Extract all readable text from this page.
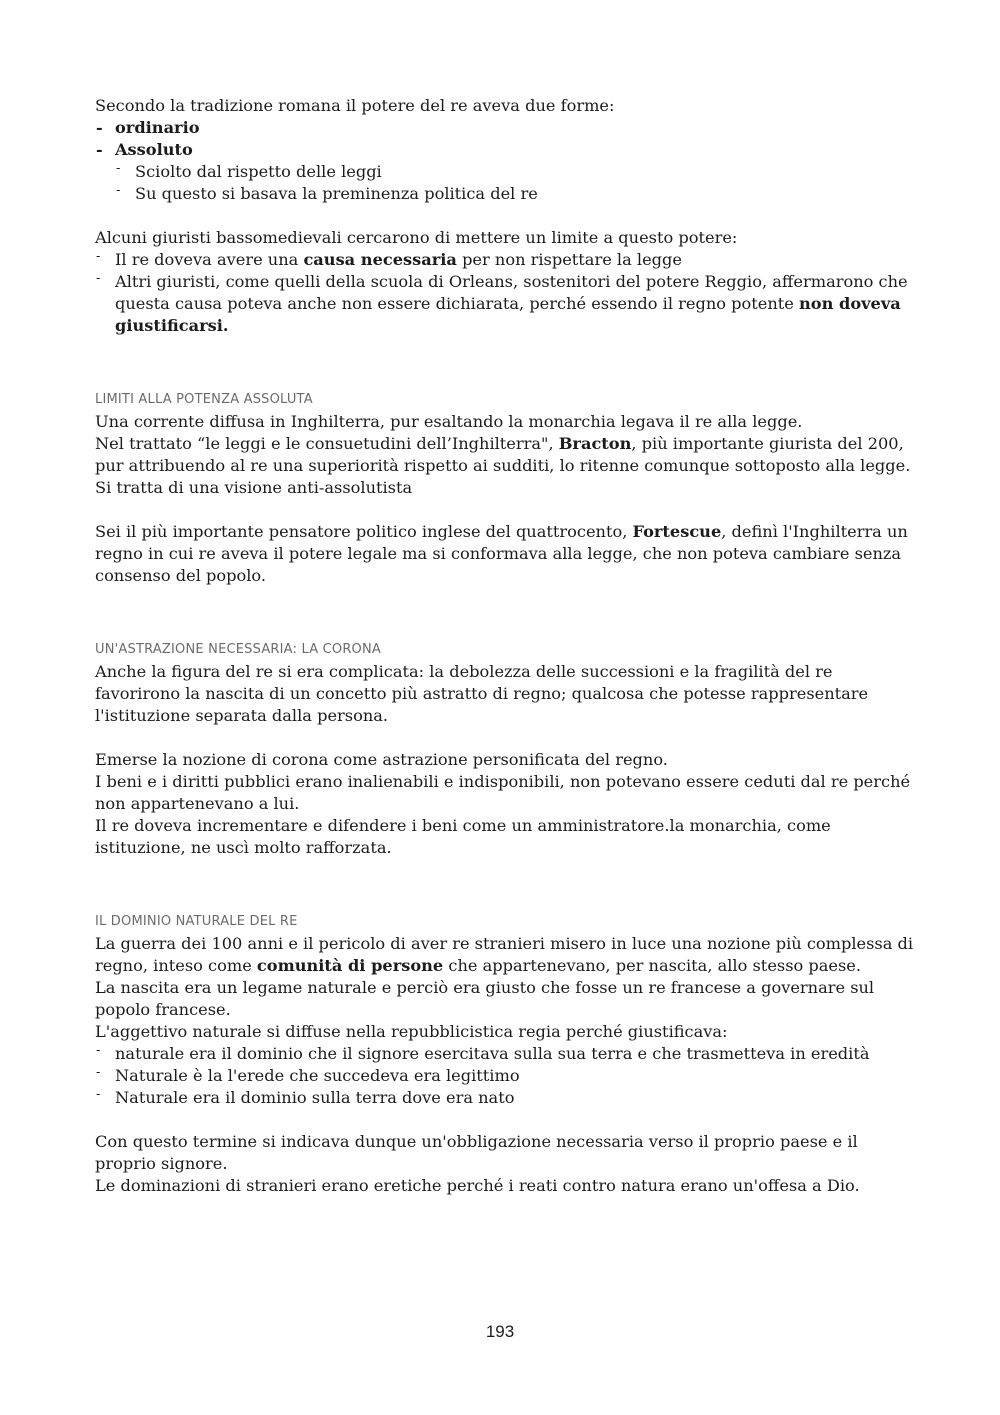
Secondo la tradizione romana il potere del re aveva due forme:

- ordinario
- Assoluto
- Sciolto dal rispetto delle leggi
- Su questo si basava la preminenza politica del re

Alcuni giuristi bassomedievali cercarono di mettere un limite a questo potere:

- Il re doveva avere una causa necessaria per non rispettare la legge
- Altri giuristi, come quelli della scuola di Orleans, sostenitori del potere Reggio, affermarono che questa causa poteva anche non essere dichiarata, perché essendo il regno potente non doveva giustificarsi.
LIMITI ALLA POTENZA ASSOLUTA

Una corrente diffusa in Inghilterra, pur esaltando la monarchia legava il re alla legge.

Nel trattato “le leggi e le consuetudini dell’Inghilterra", Bracton, più importante giurista del 200, pur attribuendo al re una superiorità rispetto ai sudditi, lo ritenne comunque sottoposto alla legge. Si tratta di una visione anti-assolutista

Sei il più importante pensatore politico inglese del quattrocento, Fortescue, definì l'Inghilterra un regno in cui re aveva il potere legale ma si conformava alla legge, che non poteva cambiare senza consenso del popolo.

UN'ASTRAZIONE NECESSARIA: LA CORONA

Anche la figura del re si era complicata: la debolezza delle successioni e la fragilità del re favorirono la nascita di un concetto più astratto di regno; qualcosa che potesse rappresentare l'istituzione separata dalla persona.

Emerse la nozione di corona come astrazione personificata del regno.

I beni e i diritti pubblici erano inalienabili e indisponibili, non potevano essere ceduti dal re perché non appartenevano a lui.

Il re doveva incrementare e difendere i beni come un amministratore.la monarchia, come istituzione, ne uscì molto rafforzata.

IL DOMINIO NATURALE DEL RE

La guerra dei 100 anni e il pericolo di aver re stranieri misero in luce una nozione più complessa di regno, inteso come comunità di persone che appartenevano, per nascita, allo stesso paese.

La nascita era un legame naturale e perciò era giusto che fosse un re francese a governare sul popolo francese.

L'aggettivo naturale si diffuse nella repubblicistica regia perché giustificava:

- naturale era il dominio che il signore esercitava sulla sua terra e che trasmetteva in eredità
- Naturale è la l'erede che succedeva era legittimo
- Naturale era il dominio sulla terra dove era nato

Con questo termine si indicava dunque un'obbligazione necessaria verso il proprio paese e il proprio signore.

Le dominazioni di stranieri erano eretiche perché i reati contro natura erano un'offesa a Dio.

193
